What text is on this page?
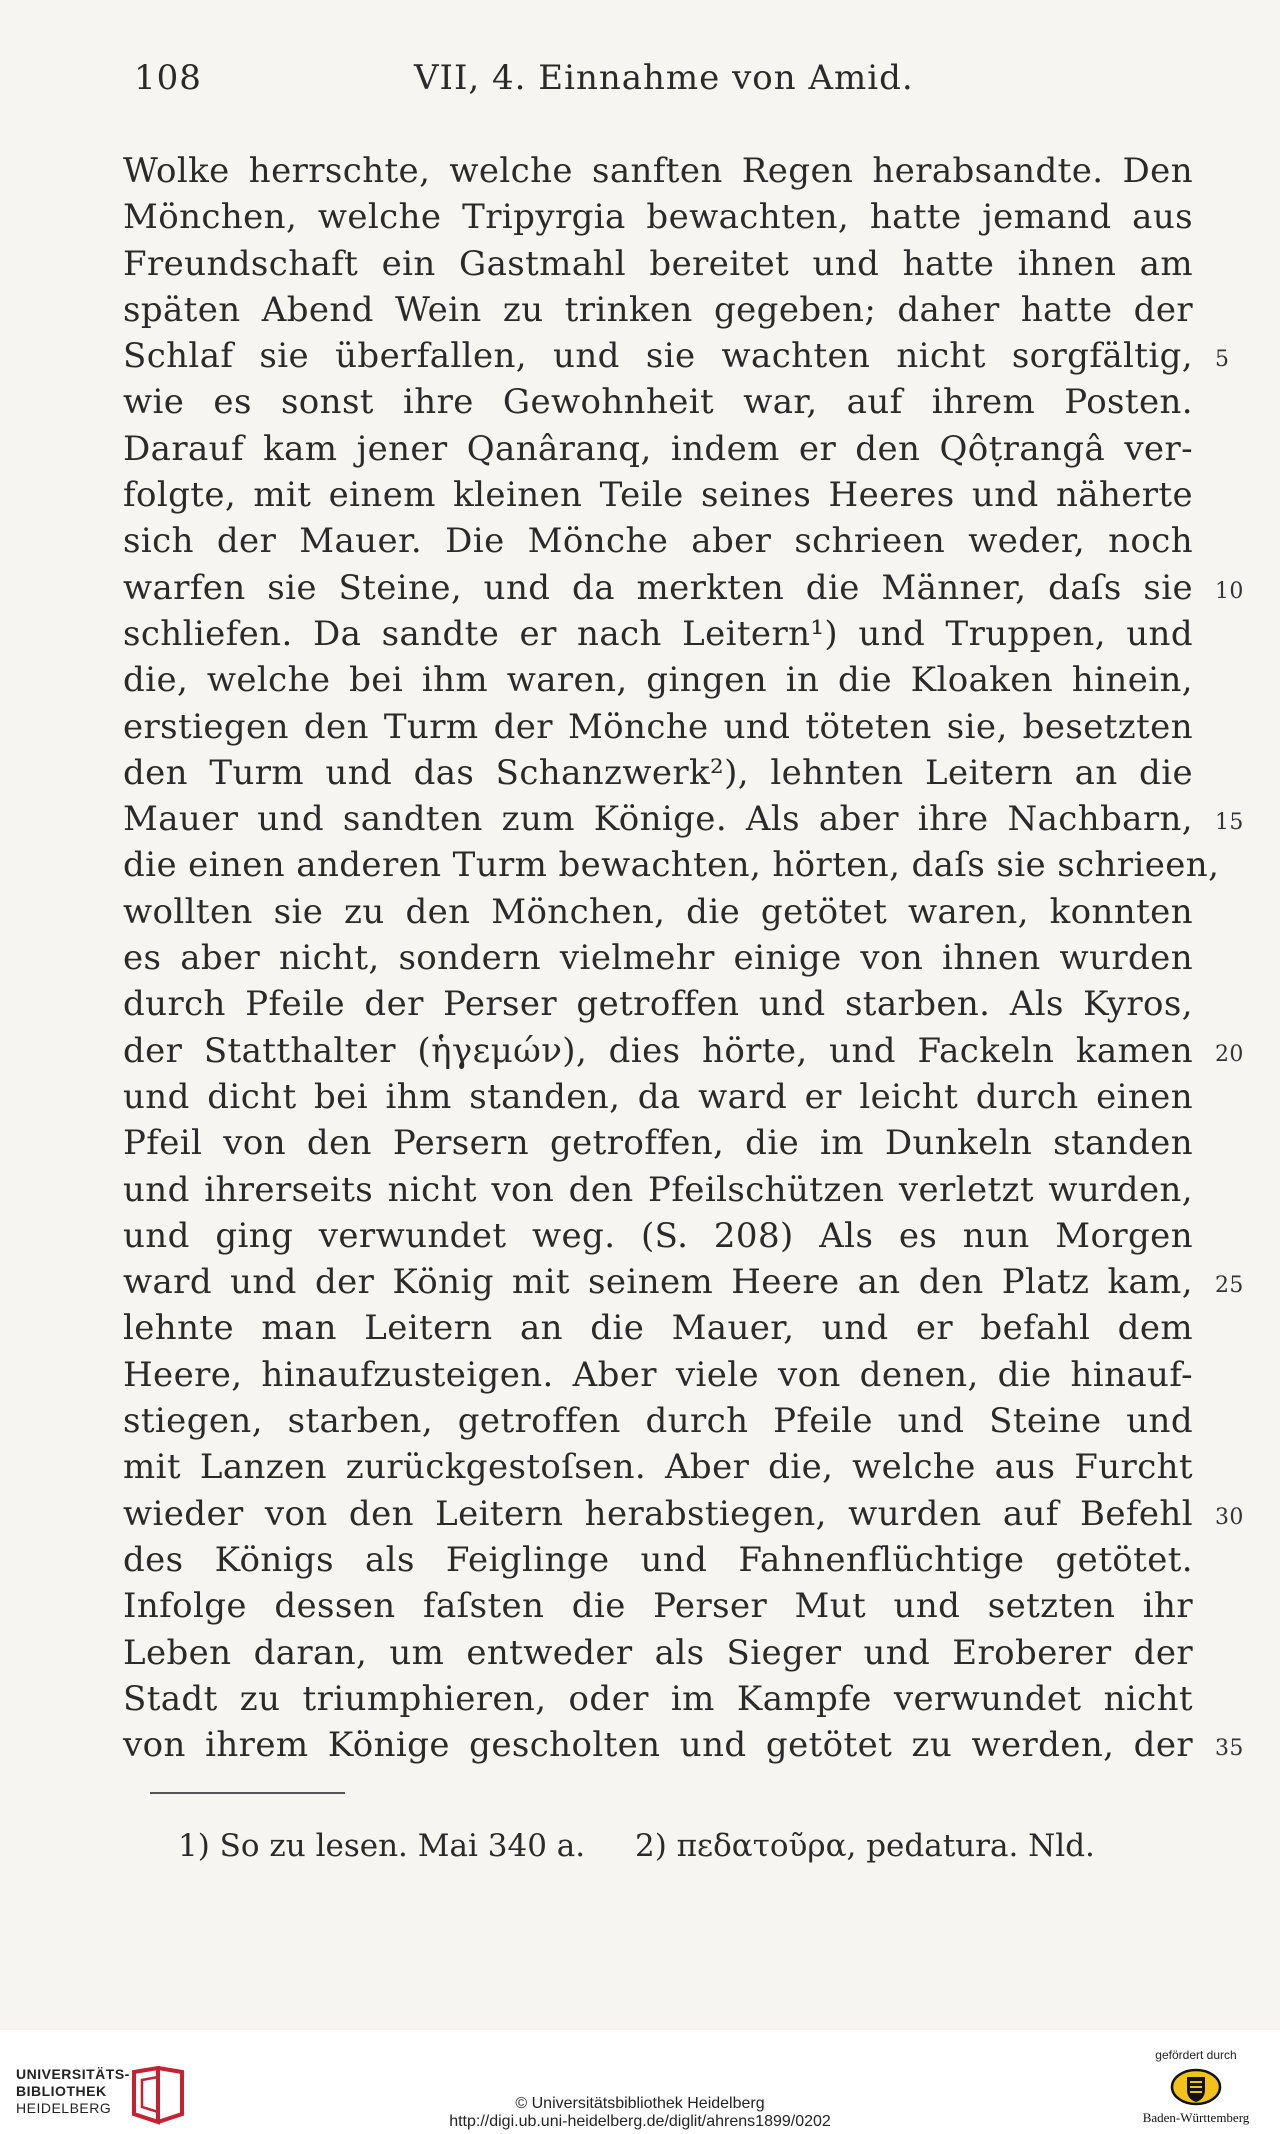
108	VII, 4. Einnahme von Amid.
Wolke herrschte, welche sanften Regen herabsandte. Den
Mönchen, welche Tripyrgia bewachten, hatte jemand aus
Freundschaft ein Gastmahl bereitet und hatte ihnen am
späten Abend Wein zu trinken gegeben; daher hatte der
Schlaf sie überfallen, und sie wachten nicht sorgfältig, 5
wie es sonst ihre Gewohnheit war, auf ihrem Posten.
Darauf kam jener Qanâranq, indem er den Qôṭrangâ ver-
folgte, mit einem kleinen Teile seines Heeres und näherte
sich der Mauer. Die Mönche aber schrieen weder, noch
warfen sie Steine, und da merkten die Männer, daſs sie 10
schliefen. Da sandte er nach Leitern¹) und Truppen, und
die, welche bei ihm waren, gingen in die Kloaken hinein,
erstiegen den Turm der Mönche und töteten sie, besetzten
den Turm und das Schanzwerk²), lehnten Leitern an die
Mauer und sandten zum Könige. Als aber ihre Nachbarn, 15
die einen anderen Turm bewachten, hörten, daſs sie schrieen,
wollten sie zu den Mönchen, die getötet waren, konnten
es aber nicht, sondern vielmehr einige von ihnen wurden
durch Pfeile der Perser getroffen und starben. Als Kyros,
der Statthalter (ἡγεμών), dies hörte, und Fackeln kamen 20
und dicht bei ihm standen, da ward er leicht durch einen
Pfeil von den Persern getroffen, die im Dunkeln standen
und ihrerseits nicht von den Pfeilschützen verletzt wurden,
und ging verwundet weg. (S. 208) Als es nun Morgen
ward und der König mit seinem Heere an den Platz kam, 25
lehnte man Leitern an die Mauer, und er befahl dem
Heere, hinaufzusteigen. Aber viele von denen, die hinauf-
stiegen, starben, getroffen durch Pfeile und Steine und
mit Lanzen zurückgestoſsen. Aber die, welche aus Furcht
wieder von den Leitern herabstiegen, wurden auf Befehl 30
des Königs als Feiglinge und Fahnenflüchtige getötet.
Infolge dessen faſsten die Perser Mut und setzten ihr
Leben daran, um entweder als Sieger und Eroberer der
Stadt zu triumphieren, oder im Kampfe verwundet nicht
von ihrem Könige gescholten und getötet zu werden, der 35
1) So zu lesen. Mai 340 a. 2) πεδατοῦρα, pedatura. Nld.
UNIVERSITÄTS-
BIBLIOTHEK
HEIDELBERG	© Universitätsbibliothek Heidelberg
http://digi.ub.uni-heidelberg.de/diglit/ahrens1899/0202
gefördert durch
Baden-Württemberg
